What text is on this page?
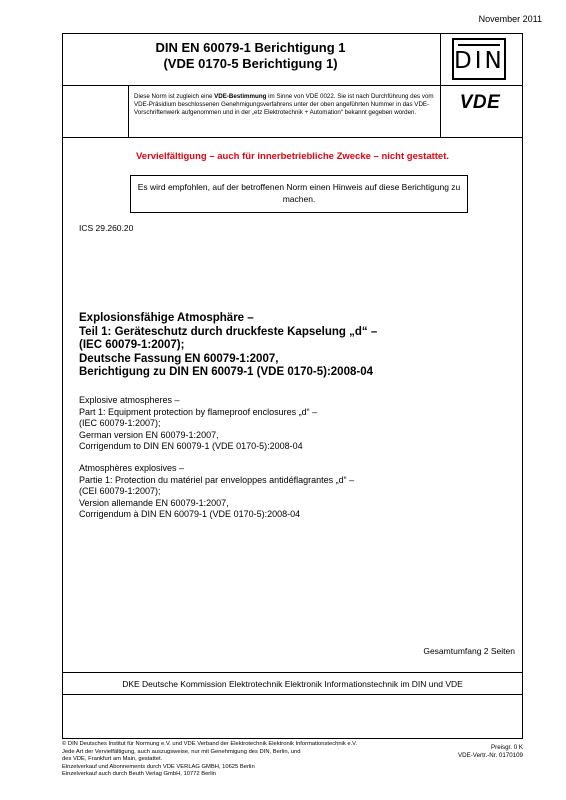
November 2011
DIN EN 60079-1 Berichtigung 1
(VDE 0170-5 Berichtigung 1)	DIN
Diese Norm ist zugleich eine VDE-Bestimmung im Sinne von VDE 0022. Sie ist nach Durchführung des vom VDE-Präsidium beschlossenen Genehmigungsverfahrens unter der oben angeführten Nummer in das VDE-Vorschriftenwerk aufgenommen und in der „etz Elektrotechnik + Automation“ bekannt gegeben worden.	VDE
Vervielfältigung – auch für innerbetriebliche Zwecke – nicht gestattet.
Es wird empfohlen, auf der betroffenen Norm einen Hinweis auf diese Berichtigung zu machen.
ICS 29.260.20
Explosionsfähige Atmosphäre –
Teil 1: Geräteschutz durch druckfeste Kapselung „d“ –
(IEC 60079-1:2007);
Deutsche Fassung EN 60079-1:2007,
Berichtigung zu DIN EN 60079-1 (VDE 0170-5):2008-04
Explosive atmospheres –
Part 1: Equipment protection by flameproof enclosures „d“ –
(IEC 60079-1:2007);
German version EN 60079-1:2007,
Corrigendum to DIN EN 60079-1 (VDE 0170-5):2008-04
Atmosphères explosives –
Partie 1: Protection du matériel par enveloppes antidéflagrantes „d“ –
(CEI 60079-1:2007);
Version allemande EN 60079-1:2007,
Corrigendum à DIN EN 60079-1 (VDE 0170-5):2008-04
Gesamtumfang 2 Seiten
DKE Deutsche Kommission Elektrotechnik Elektronik Informationstechnik im DIN und VDE
© DIN Deutsches Institut für Normung e.V. und VDE Verband der Elektrotechnik Elektronik Informationstechnik e.V.
Jede Art der Vervielfältigung, auch auszugsweise, nur mit Genehmigung des DIN, Berlin, und
des VDE, Frankfurt am Main, gestattet.
Einzelverkauf und Abonnements durch VDE VERLAG GMBH, 10625 Berlin
Einzelverkauf auch durch Beuth Verlag GmbH, 10772 Berlin
Preisgr. 0 K
VDE-Vertr.-Nr. 0170109
